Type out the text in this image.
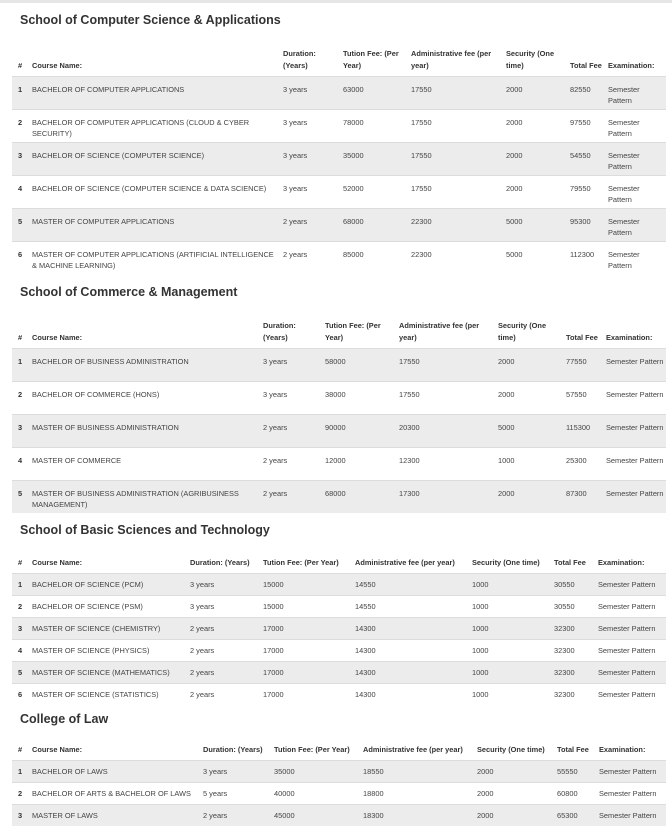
School of Computer Science & Applications
#	Course Name:	Duration: (Years)	Tution Fee: (Per Year)	Administrative fee (per year)	Security (One time)	Total Fee	Examination:
1	BACHELOR OF COMPUTER APPLICATIONS	3 years	63000	17550	2000	82550	Semester Pattern
2	BACHELOR OF COMPUTER APPLICATIONS (CLOUD & CYBER SECURITY)	3 years	78000	17550	2000	97550	Semester Pattern
3	BACHELOR OF SCIENCE (COMPUTER SCIENCE)	3 years	35000	17550	2000	54550	Semester Pattern
4	BACHELOR OF SCIENCE (COMPUTER SCIENCE & DATA SCIENCE)	3 years	52000	17550	2000	79550	Semester Pattern
5	MASTER OF COMPUTER APPLICATIONS	2 years	68000	22300	5000	95300	Semester Pattern
6	MASTER OF COMPUTER APPLICATIONS (ARTIFICIAL INTELLIGENCE & MACHINE LEARNING)	2 years	85000	22300	5000	112300	Semester Pattern
School of Commerce & Management
#	Course Name:	Duration: (Years)	Tution Fee: (Per Year)	Administrative fee (per year)	Security (One time)	Total Fee	Examination:
1	BACHELOR OF BUSINESS ADMINISTRATION	3 years	58000	17550	2000	77550	Semester Pattern
2	BACHELOR OF COMMERCE (HONS)	3 years	38000	17550	2000	57550	Semester Pattern
3	MASTER OF BUSINESS ADMINISTRATION	2 years	90000	20300	5000	115300	Semester Pattern
4	MASTER OF COMMERCE	2 years	12000	12300	1000	25300	Semester Pattern
5	MASTER OF BUSINESS ADMINISTRATION (AGRIBUSINESS MANAGEMENT)	2 years	68000	17300	2000	87300	Semester Pattern
School of Basic Sciences and Technology
#	Course Name:	Duration: (Years)	Tution Fee: (Per Year)	Administrative fee (per year)	Security (One time)	Total Fee	Examination:
1	BACHELOR OF SCIENCE (PCM)	3 years	15000	14550	1000	30550	Semester Pattern
2	BACHELOR OF SCIENCE (PSM)	3 years	15000	14550	1000	30550	Semester Pattern
3	MASTER OF SCIENCE (CHEMISTRY)	2 years	17000	14300	1000	32300	Semester Pattern
4	MASTER OF SCIENCE (PHYSICS)	2 years	17000	14300	1000	32300	Semester Pattern
5	MASTER OF SCIENCE (MATHEMATICS)	2 years	17000	14300	1000	32300	Semester Pattern
6	MASTER OF SCIENCE (STATISTICS)	2 years	17000	14300	1000	32300	Semester Pattern
College of Law
#	Course Name:	Duration: (Years)	Tution Fee: (Per Year)	Administrative fee (per year)	Security (One time)	Total Fee	Examination:
1	BACHELOR OF LAWS	3 years	35000	18550	2000	55550	Semester Pattern
2	BACHELOR OF ARTS & BACHELOR OF LAWS	5 years	40000	18800	2000	60800	Semester Pattern
3	MASTER OF LAWS	2 years	45000	18300	2000	65300	Semester Pattern
